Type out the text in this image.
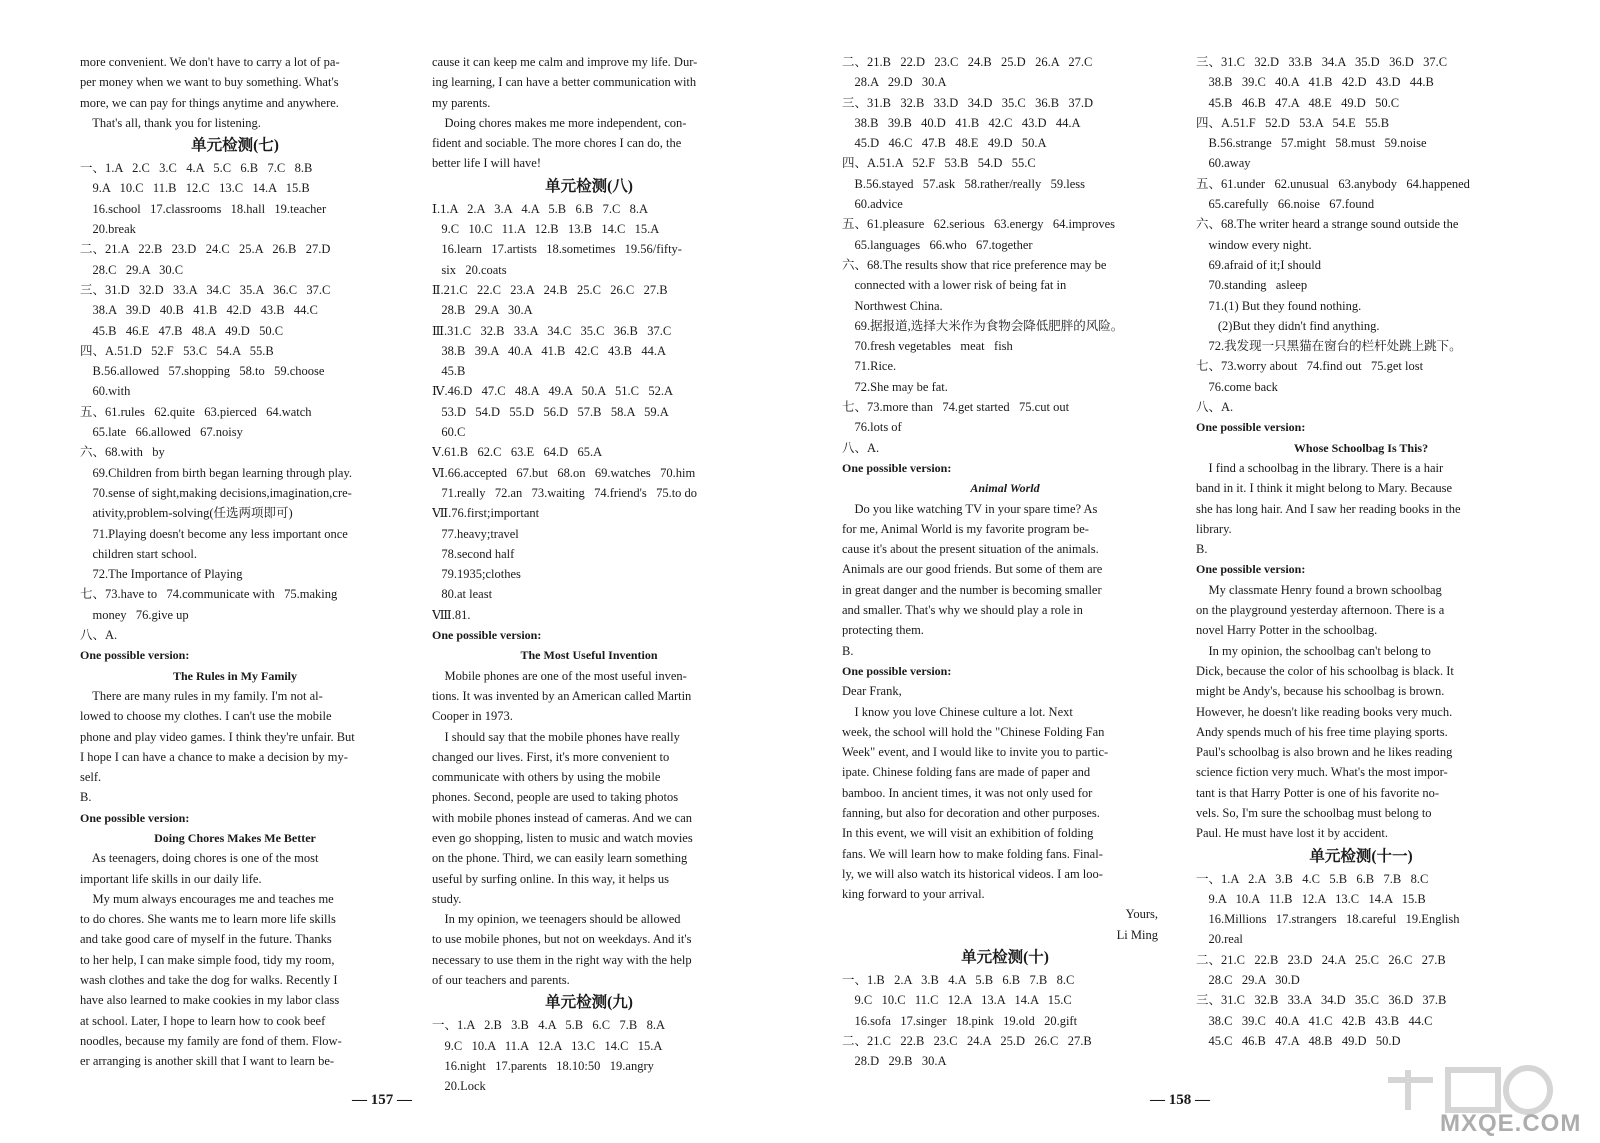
more convenient. We don't have to carry a lot of pa-
per money when we want to buy something. What's
more, we can pay for things anytime and anywhere.
That's all, thank you for listening.
单元检测(七)
一、1.A   2.C   3.C   4.A   5.C   6.B   7.C   8.B
9.A   10.C   11.B   12.C   13.C   14.A   15.B
16.school   17.classrooms   18.hall   19.teacher
20.break
二、21.A   22.B   23.D   24.C   25.A   26.B   27.D
28.C   29.A   30.C
三、31.D   32.D   33.A   34.C   35.A   36.C   37.C
38.A   39.D   40.B   41.B   42.D   43.B   44.C
45.B   46.E   47.B   48.A   49.D   50.C
四、A.51.D   52.F   53.C   54.A   55.B
B.56.allowed   57.shopping   58.to   59.choose
60.with
五、61.rules   62.quite   63.pierced   64.watch
65.late   66.allowed   67.noisy
六、68.with   by
69.Children from birth began learning through play.
70.sense of sight,making decisions,imagination,cre-
ativity,problem-solving(任选两项即可)
71.Playing doesn't become any less important once
children start school.
72.The Importance of Playing
七、73.have to   74.communicate with   75.making
money   76.give up
八、A.
One possible version:
The Rules in My Family
There are many rules in my family. I'm not al-
lowed to choose my clothes. I can't use the mobile
phone and play video games. I think they're unfair. But
I hope I can have a chance to make a decision by my-
self.
B.
One possible version:
Doing Chores Makes Me Better
As teenagers, doing chores is one of the most
important life skills in our daily life.
My mum always encourages me and teaches me
to do chores. She wants me to learn more life skills
and take good care of myself in the future. Thanks
to her help, I can make simple food, tidy my room,
wash clothes and take the dog for walks. Recently I
have also learned to make cookies in my labor class
at school. Later, I hope to learn how to cook beef
noodles, because my family are fond of them. Flow-
er arranging is another skill that I want to learn be-
cause it can keep me calm and improve my life. Dur-
ing learning, I can have a better communication with
my parents.
Doing chores makes me more independent, con-
fident and sociable. The more chores I can do, the
better life I will have!
单元检测(八)
Ⅰ.1.A   2.A   3.A   4.A   5.B   6.B   7.C   8.A
9.C   10.C   11.A   12.B   13.B   14.C   15.A
16.learn   17.artists   18.sometimes   19.56/fifty-
six   20.coats
Ⅱ.21.C   22.C   23.A   24.B   25.C   26.C   27.B
28.B   29.A   30.A
Ⅲ.31.C   32.B   33.A   34.C   35.C   36.B   37.C
38.B   39.A   40.A   41.B   42.C   43.B   44.A
45.B
Ⅳ.46.D   47.C   48.A   49.A   50.A   51.C   52.A
53.D   54.D   55.D   56.D   57.B   58.A   59.A
60.C
Ⅴ.61.B   62.C   63.E   64.D   65.A
Ⅵ.66.accepted   67.but   68.on   69.watches   70.him
71.really   72.an   73.waiting   74.friend's   75.to do
Ⅶ.76.first;important
77.heavy;travel
78.second half
79.1935;clothes
80.at least
Ⅷ.81.
One possible version:
The Most Useful Invention
Mobile phones are one of the most useful inven-
tions. It was invented by an American called Martin
Cooper in 1973.
I should say that the mobile phones have really
changed our lives. First, it's more convenient to
communicate with others by using the mobile
phones. Second, people are used to taking photos
with mobile phones instead of cameras. And we can
even go shopping, listen to music and watch movies
on the phone. Third, we can easily learn something
useful by surfing online. In this way, it helps us
study.
In my opinion, we teenagers should be allowed
to use mobile phones, but not on weekdays. And it's
necessary to use them in the right way with the help
of our teachers and parents.
单元检测(九)
一、1.A   2.B   3.B   4.A   5.B   6.C   7.B   8.A
9.C   10.A   11.A   12.A   13.C   14.C   15.A
16.night   17.parents   18.10:50   19.angry
20.Lock
二、21.B   22.D   23.C   24.B   25.D   26.A   27.C
28.A   29.D   30.A
三、31.B   32.B   33.D   34.D   35.C   36.B   37.D
38.B   39.B   40.D   41.B   42.C   43.D   44.A
45.D   46.C   47.B   48.E   49.D   50.A
四、A.51.A   52.F   53.B   54.D   55.C
B.56.stayed   57.ask   58.rather/really   59.less
60.advice
五、61.pleasure   62.serious   63.energy   64.improves
65.languages   66.who   67.together
六、68.The results show that rice preference may be
connected with a lower risk of being fat in
Northwest China.
69.据报道,选择大米作为食物会降低肥胖的风险。
70.fresh vegetables   meat   fish
71.Rice.
72.She may be fat.
七、73.more than   74.get started   75.cut out
76.lots of
八、A.
One possible version:
Animal World
Do you like watching TV in your spare time? As
for me, Animal World is my favorite program be-
cause it's about the present situation of the animals.
Animals are our good friends. But some of them are
in great danger and the number is becoming smaller
and smaller. That's why we should play a role in
protecting them.
B.
One possible version:
Dear Frank,
I know you love Chinese culture a lot. Next
week, the school will hold the "Chinese Folding Fan
Week" event, and I would like to invite you to partic-
ipate. Chinese folding fans are made of paper and
bamboo. In ancient times, it was not only used for
fanning, but also for decoration and other purposes.
In this event, we will visit an exhibition of folding
fans. We will learn how to make folding fans. Final-
ly, we will also watch its historical videos. I am loo-
king forward to your arrival.
Yours,
Li Ming
单元检测(十)
一、1.B   2.A   3.B   4.A   5.B   6.B   7.B   8.C
9.C   10.C   11.C   12.A   13.A   14.A   15.C
16.sofa   17.singer   18.pink   19.old   20.gift
二、21.C   22.B   23.C   24.A   25.D   26.C   27.B
28.D   29.B   30.A
三、31.C   32.D   33.B   34.A   35.D   36.D   37.C
38.B   39.C   40.A   41.B   42.D   43.D   44.B
45.B   46.B   47.A   48.E   49.D   50.C
四、A.51.F   52.D   53.A   54.E   55.B
B.56.strange   57.might   58.must   59.noise
60.away
五、61.under   62.unusual   63.anybody   64.happened
65.carefully   66.noise   67.found
六、68.The writer heard a strange sound outside the
window every night.
69.afraid of it;I should
70.standing   asleep
71.(1) But they found nothing.
(2)But they didn't find anything.
72.我发现一只黑猫在窗台的栏杆处跳上跳下。
七、73.worry about   74.find out   75.get lost
76.come back
八、A.
One possible version:
Whose Schoolbag Is This?
I find a schoolbag in the library. There is a hair
band in it. I think it might belong to Mary. Because
she has long hair. And I saw her reading books in the
library.
B.
One possible version:
My classmate Henry found a brown schoolbag
on the playground yesterday afternoon. There is a
novel Harry Potter in the schoolbag.
In my opinion, the schoolbag can't belong to
Dick, because the color of his schoolbag is black. It
might be Andy's, because his schoolbag is brown.
However, he doesn't like reading books very much.
Andy spends much of his free time playing sports.
Paul's schoolbag is also brown and he likes reading
science fiction very much. What's the most impor-
tant is that Harry Potter is one of his favorite no-
vels. So, I'm sure the schoolbag must belong to
Paul. He must have lost it by accident.
单元检测(十一)
一、1.A   2.A   3.B   4.C   5.B   6.B   7.B   8.C
9.A   10.A   11.B   12.A   13.C   14.A   15.B
16.Millions   17.strangers   18.careful   19.English
20.real
二、21.C   22.B   23.D   24.A   25.C   26.C   27.B
28.C   29.A   30.D
三、31.C   32.B   33.A   34.D   35.C   36.D   37.B
38.C   39.C   40.A   41.C   42.B   43.B   44.C
45.C   46.B   47.A   48.B   49.D   50.D
— 157 —	— 158 —
MXQE.COM
